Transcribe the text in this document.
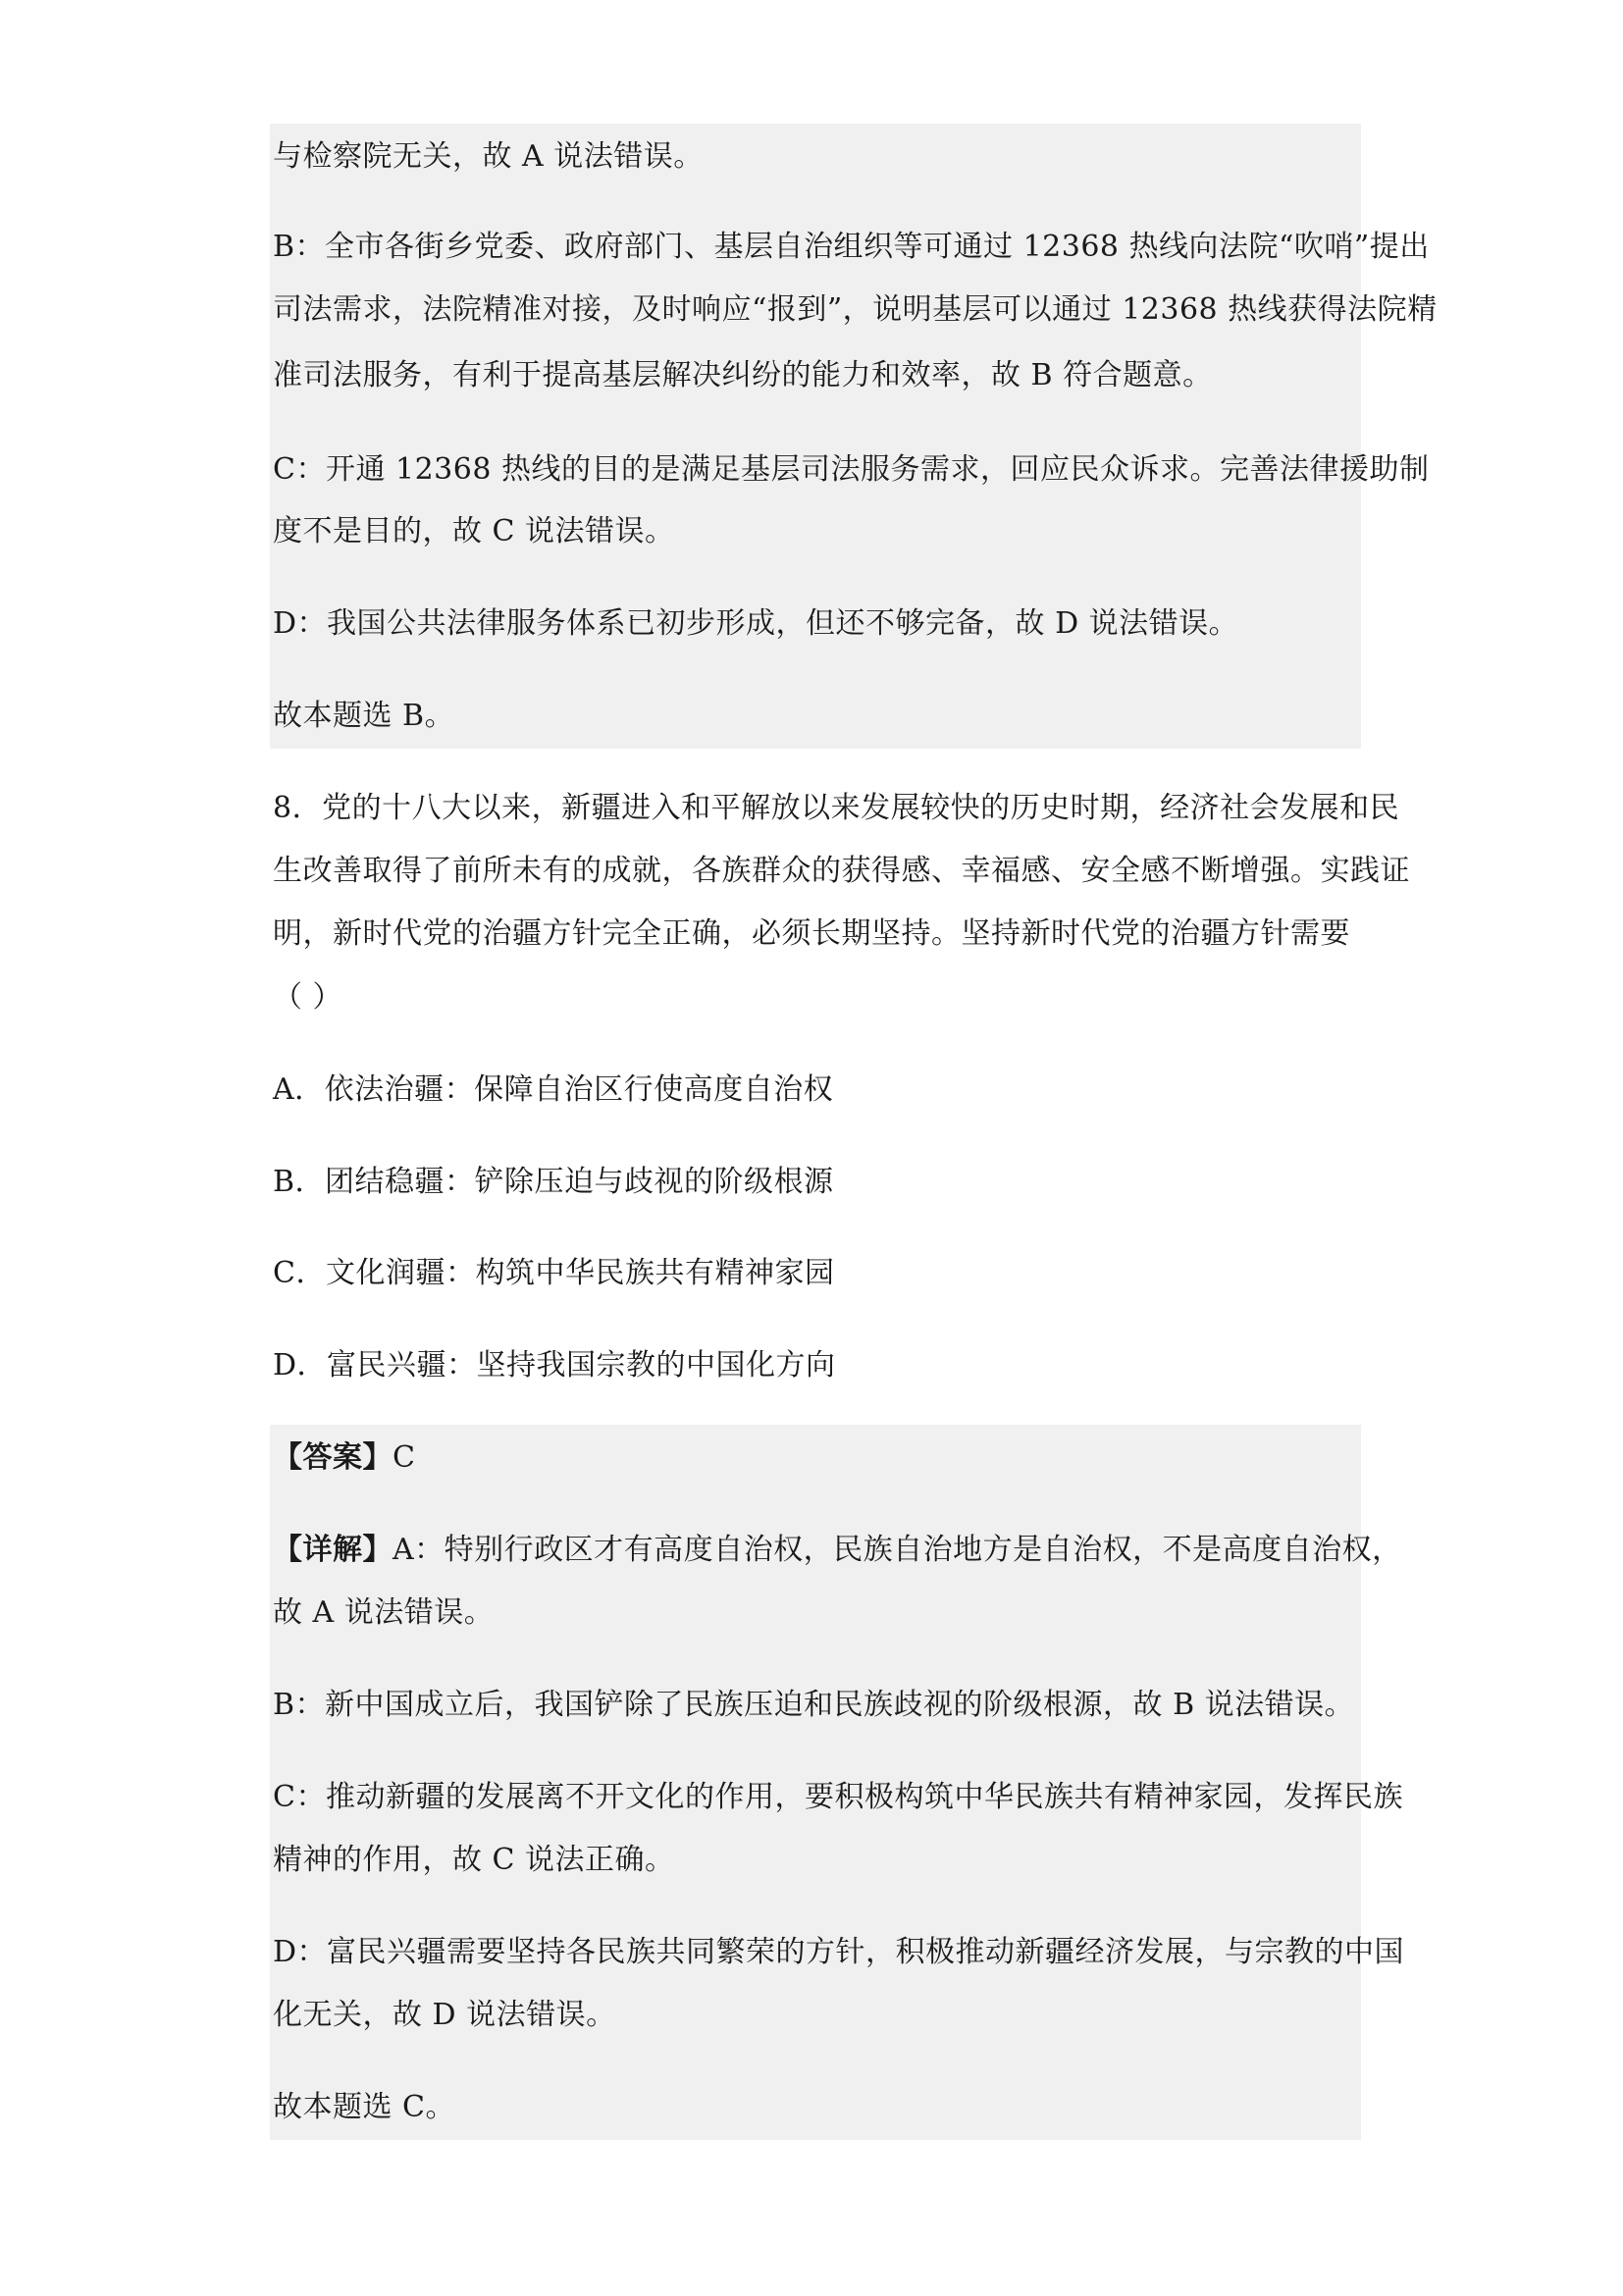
与检察院无关，故 A 说法错误。
B：全市各街乡党委、政府部门、基层自治组织等可通过 12368 热线向法院“吹哨”提出
司法需求，法院精准对接，及时响应“报到”，说明基层可以通过 12368 热线获得法院精
准司法服务，有利于提高基层解决纠纷的能力和效率，故 B 符合题意。
C：开通 12368 热线的目的是满足基层司法服务需求，回应民众诉求。完善法律援助制
度不是目的，故 C 说法错误。
D：我国公共法律服务体系已初步形成，但还不够完备，故 D 说法错误。
故本题选 B。
8．党的十八大以来，新疆进入和平解放以来发展较快的历史时期，经济社会发展和民
生改善取得了前所未有的成就，各族群众的获得感、幸福感、安全感不断增强。实践证
明，新时代党的治疆方针完全正确，必须长期坚持。坚持新时代党的治疆方针需要
（ ）
A．依法治疆：保障自治区行使高度自治权
B．团结稳疆：铲除压迫与歧视的阶级根源
C．文化润疆：构筑中华民族共有精神家园
D．富民兴疆：坚持我国宗教的中国化方向
【答案】C
【详解】A：特别行政区才有高度自治权，民族自治地方是自治权，不是高度自治权，
故 A 说法错误。
B：新中国成立后，我国铲除了民族压迫和民族歧视的阶级根源，故 B 说法错误。
C：推动新疆的发展离不开文化的作用，要积极构筑中华民族共有精神家园，发挥民族
精神的作用，故 C 说法正确。
D：富民兴疆需要坚持各民族共同繁荣的方针，积极推动新疆经济发展，与宗教的中国
化无关，故 D 说法错误。
故本题选 C。
